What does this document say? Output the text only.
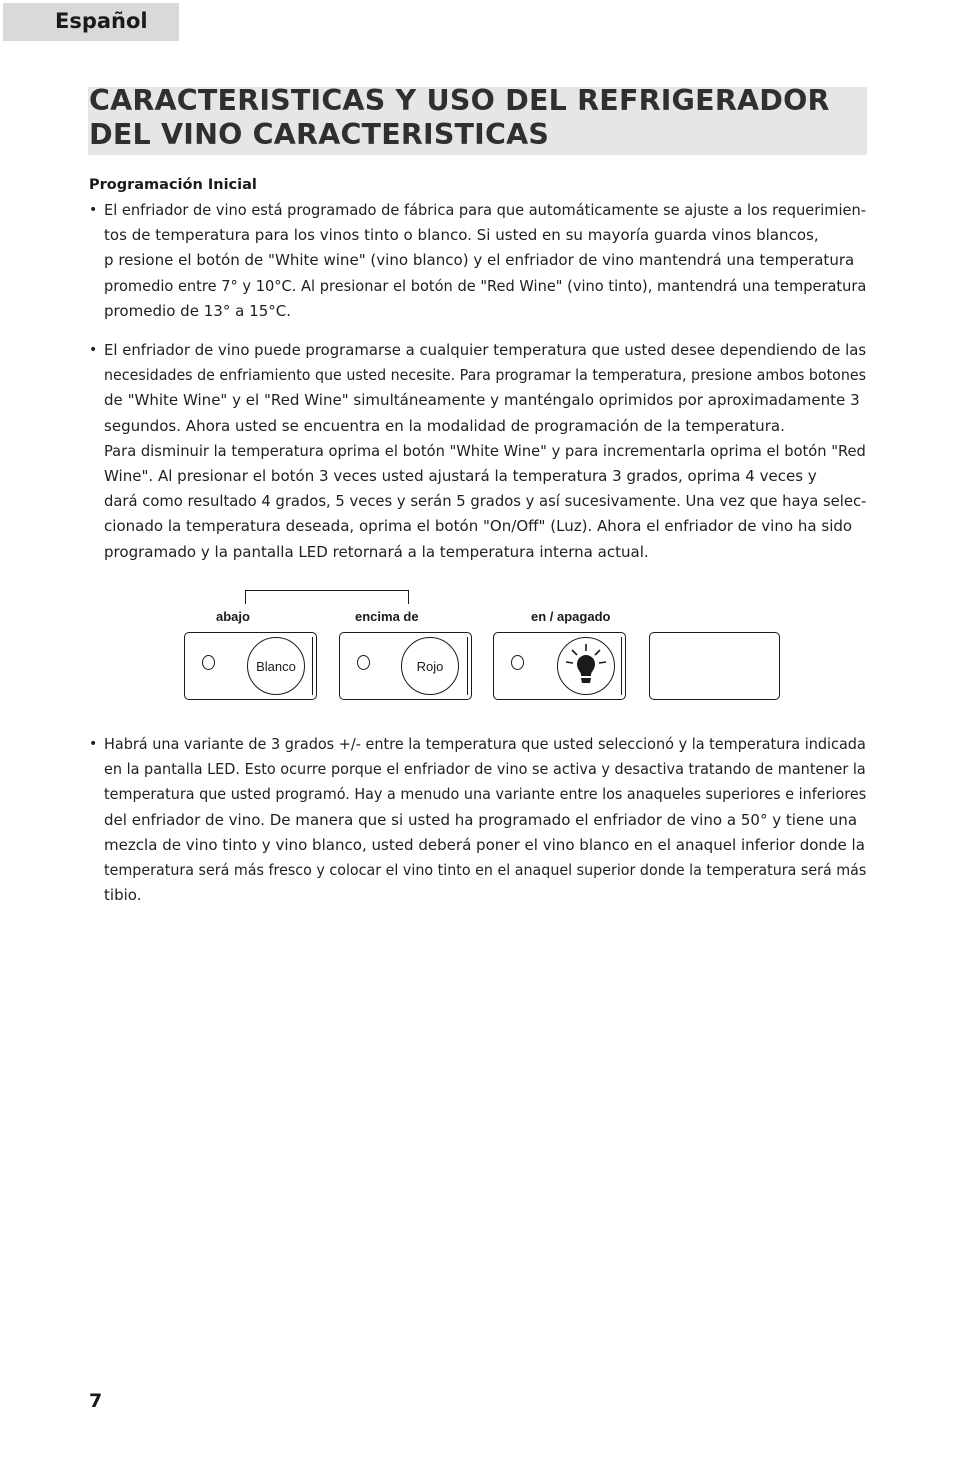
Español
CARACTERISTICAS Y USO DEL REFRIGERADOR
DEL VINO CARACTERISTICAS
Programación Inicial
• El enfriador de vino está programado de fábrica para que automáticamente se ajuste a los requerimien-
tos de temperatura para los vinos tinto o blanco. Si usted en su mayoría guarda vinos blancos,
p resione el botón de "White wine" (vino blanco) y el enfriador de vino mantendrá una temperatura
promedio entre 7° y 10°C. Al presionar el botón de "Red Wine" (vino tinto), mantendrá una temperatura
promedio de 13° a 15°C.
• El enfriador de vino puede programarse a cualquier temperatura que usted desee dependiendo de las
necesidades de enfriamiento que usted necesite. Para programar la temperatura, presione ambos botones
de "White Wine" y el "Red Wine" simultáneamente y manténgalo oprimidos por aproximadamente 3
segundos. Ahora usted se encuentra en la modalidad de programación de la temperatura.
Para disminuir la temperatura oprima el botón "White Wine" y para incrementarla oprima el botón "Red
Wine". Al presionar el botón 3 veces usted ajustará la temperatura 3 grados, oprima 4 veces y
dará como resultado 4 grados, 5 veces y serán 5 grados y así sucesivamente. Una vez que haya selec-
cionado la temperatura deseada, oprima el botón "On/Off" (Luz). Ahora el enfriador de vino ha sido
programado y la pantalla LED retornará a la temperatura interna actual.
abajo	encima de	en / apagado
Blanco	Rojo
• Habrá una variante de 3 grados +/- entre la temperatura que usted seleccionó y la temperatura indicada
en la pantalla LED. Esto ocurre porque el enfriador de vino se activa y desactiva tratando de mantener la
temperatura que usted programó. Hay a menudo una variante entre los anaqueles superiores e inferiores
del enfriador de vino. De manera que si usted ha programado el enfriador de vino a 50° y tiene una
mezcla de vino tinto y vino blanco, usted deberá poner el vino blanco en el anaquel inferior donde la
temperatura será más fresco y colocar el vino tinto en el anaquel superior donde la temperatura será más
tibio.
7
